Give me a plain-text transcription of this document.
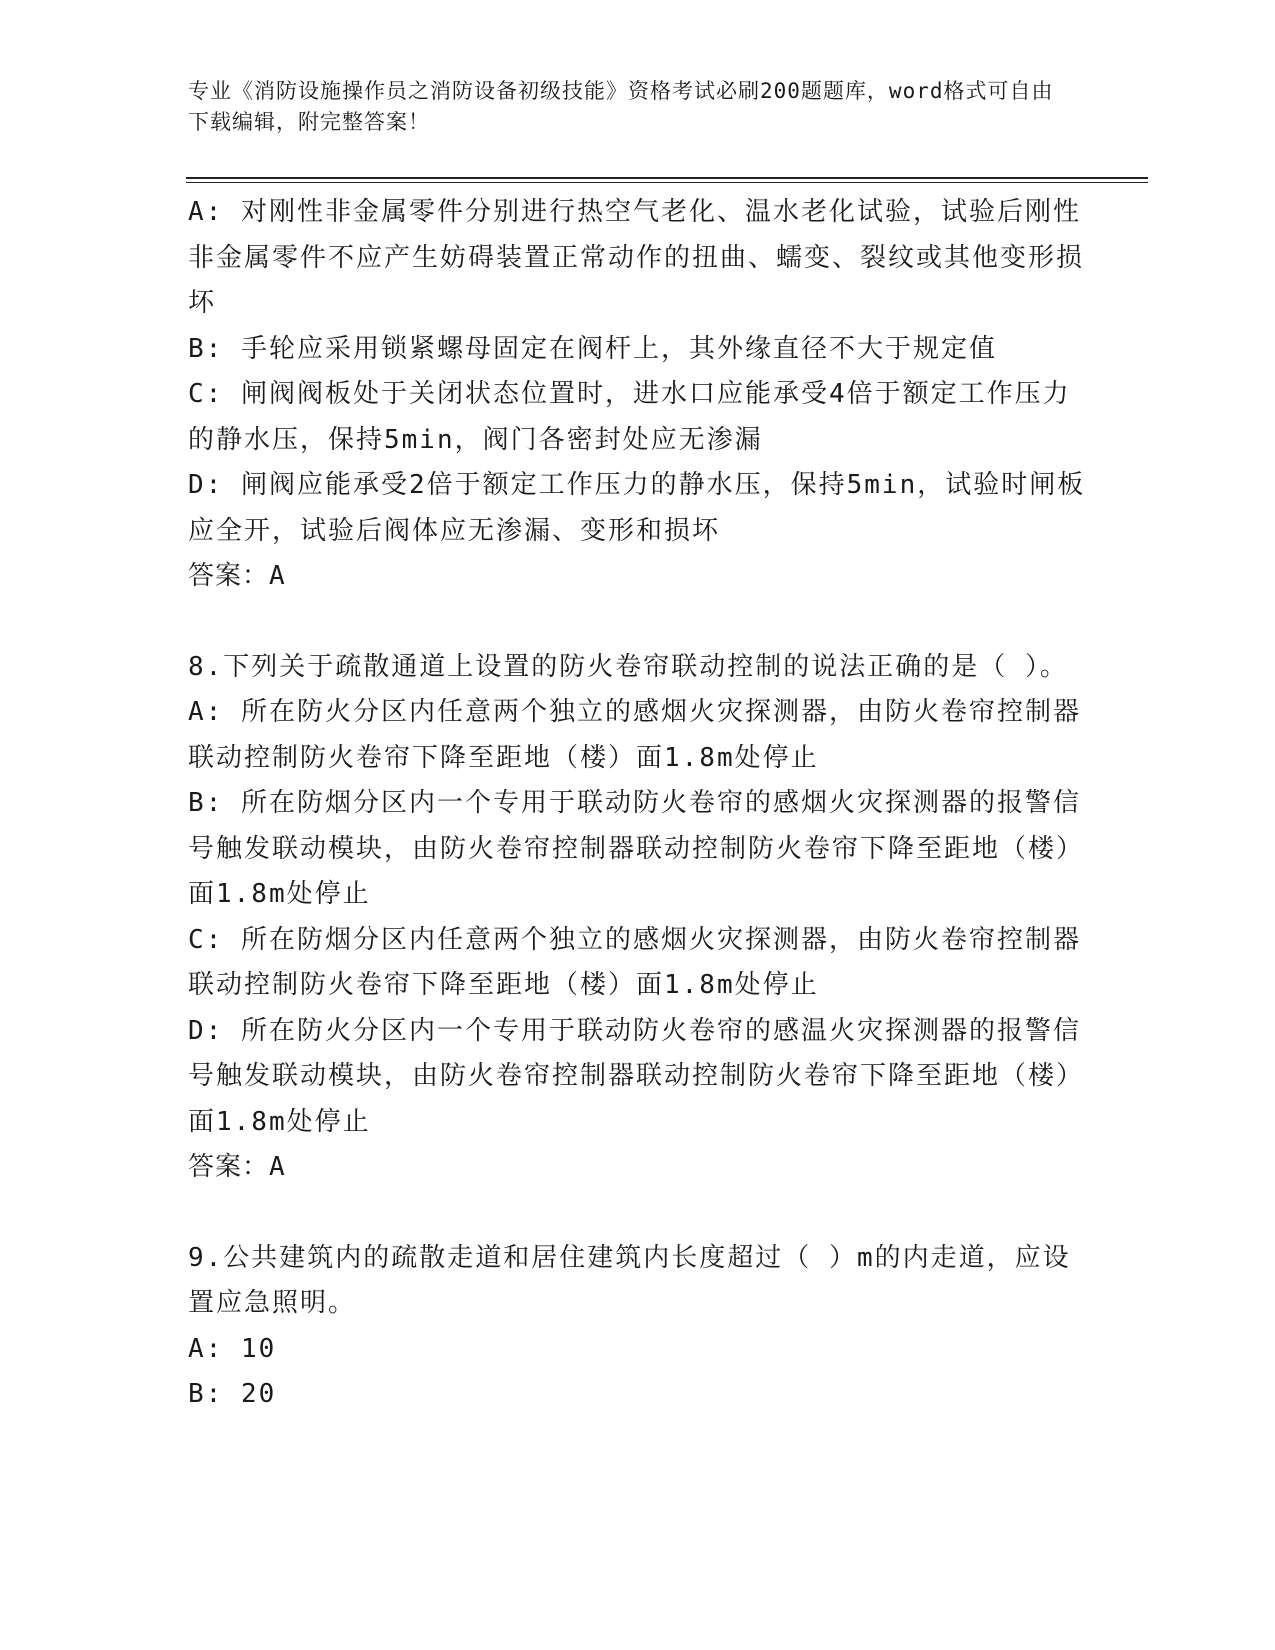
专业《消防设施操作员之消防设备初级技能》资格考试必刷200题题库，word格式可自由下载编辑，附完整答案！
A: 对刚性非金属零件分别进行热空气老化、温水老化试验，试验后刚性非金属零件不应产生妨碍装置正常动作的扭曲、蠕变、裂纹或其他变形损坏
B: 手轮应采用锁紧螺母固定在阀杆上，其外缘直径不大于规定值
C: 闸阀阀板处于关闭状态位置时，进水口应能承受4倍于额定工作压力的静水压，保持5min，阀门各密封处应无渗漏
D: 闸阀应能承受2倍于额定工作压力的静水压，保持5min，试验时闸板应全开，试验后阀体应无渗漏、变形和损坏
答案：A
8.下列关于疏散通道上设置的防火卷帘联动控制的说法正确的是（ ）。
A: 所在防火分区内任意两个独立的感烟火灾探测器，由防火卷帘控制器联动控制防火卷帘下降至距地（楼）面1.8m处停止
B: 所在防烟分区内一个专用于联动防火卷帘的感烟火灾探测器的报警信号触发联动模块，由防火卷帘控制器联动控制防火卷帘下降至距地（楼）面1.8m处停止
C: 所在防烟分区内任意两个独立的感烟火灾探测器，由防火卷帘控制器联动控制防火卷帘下降至距地（楼）面1.8m处停止
D: 所在防火分区内一个专用于联动防火卷帘的感温火灾探测器的报警信号触发联动模块，由防火卷帘控制器联动控制防火卷帘下降至距地（楼）面1.8m处停止
答案：A
9.公共建筑内的疏散走道和居住建筑内长度超过（ ）m的内走道，应设置应急照明。
A: 10
B: 20
